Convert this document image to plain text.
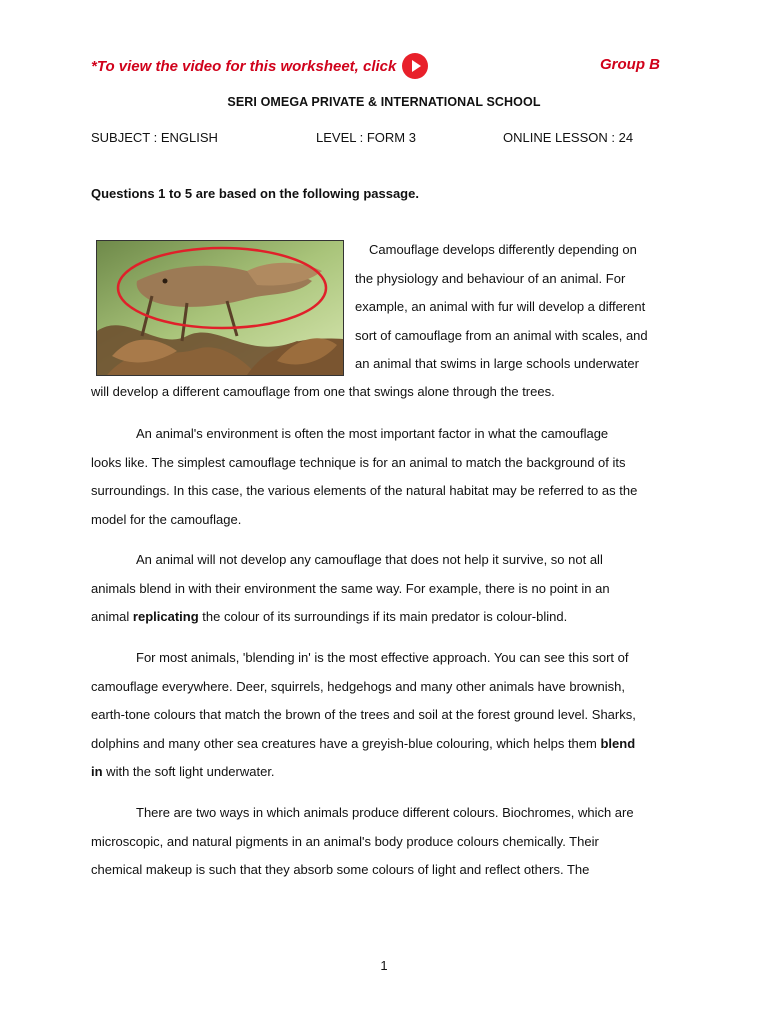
*To view the video for this worksheet, click	Group B
SERI OMEGA PRIVATE & INTERNATIONAL SCHOOL
SUBJECT : ENGLISH	LEVEL : FORM 3	ONLINE LESSON : 24
Questions 1 to 5 are based on the following passage.
Camouflage develops differently depending on
the physiology and behaviour of an animal. For
example, an animal with fur will develop a different
sort of camouflage from an animal with scales, and
an animal that swims in large schools underwater
will develop a different camouflage from one that swings alone through the trees.
An animal's environment is often the most important factor in what the camouflage
looks like. The simplest camouflage technique is for an animal to match the background of its
surroundings. In this case, the various elements of the natural habitat may be referred to as the
model for the camouflage.
An animal will not develop any camouflage that does not help it survive, so not all
animals blend in with their environment the same way. For example, there is no point in an
animal replicating the colour of its surroundings if its main predator is colour-blind.
For most animals, 'blending in' is the most effective approach. You can see this sort of
camouflage everywhere. Deer, squirrels, hedgehogs and many other animals have brownish,
earth-tone colours that match the brown of the trees and soil at the forest ground level. Sharks,
dolphins and many other sea creatures have a greyish-blue colouring, which helps them blend
in with the soft light underwater.
There are two ways in which animals produce different colours. Biochromes, which are
microscopic, and natural pigments in an animal's body produce colours chemically. Their
chemical makeup is such that they absorb some colours of light and reflect others. The
1
